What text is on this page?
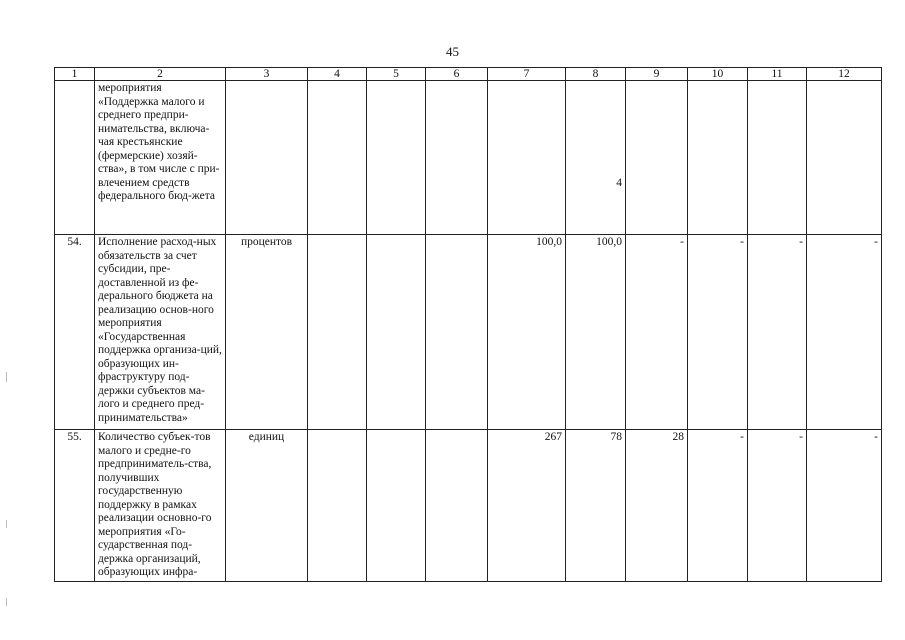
45
1	2	3	4	5	6	7	8	9	10	11	12
	мероприятия «Поддержка малого и среднего предпри-нимательства, включа-чая крестьянские (фермерские) хозяй-ства», в том числе с при-влечением средств федерального бюд-жета						4				

54.	Исполнение расход-ных обязательств за счет субсидии, пре-доставленной из фе-дерального бюджета на реализацию основ-ного мероприятия «Государственная поддержка организа-ций, образующих ин-фраструктуру под-держки субъектов ма-лого и среднего пред-принимательства»	процентов				100,0	100,0	-	-	-	-
55.	Количество субъек-тов малого и средне-го предприниматель-ства, получивших государственную поддержку в рамках реализации основно-го мероприятия «Го-сударственная под-держка организаций, образующих инфра-	единиц				267	78	28	-	-	-
